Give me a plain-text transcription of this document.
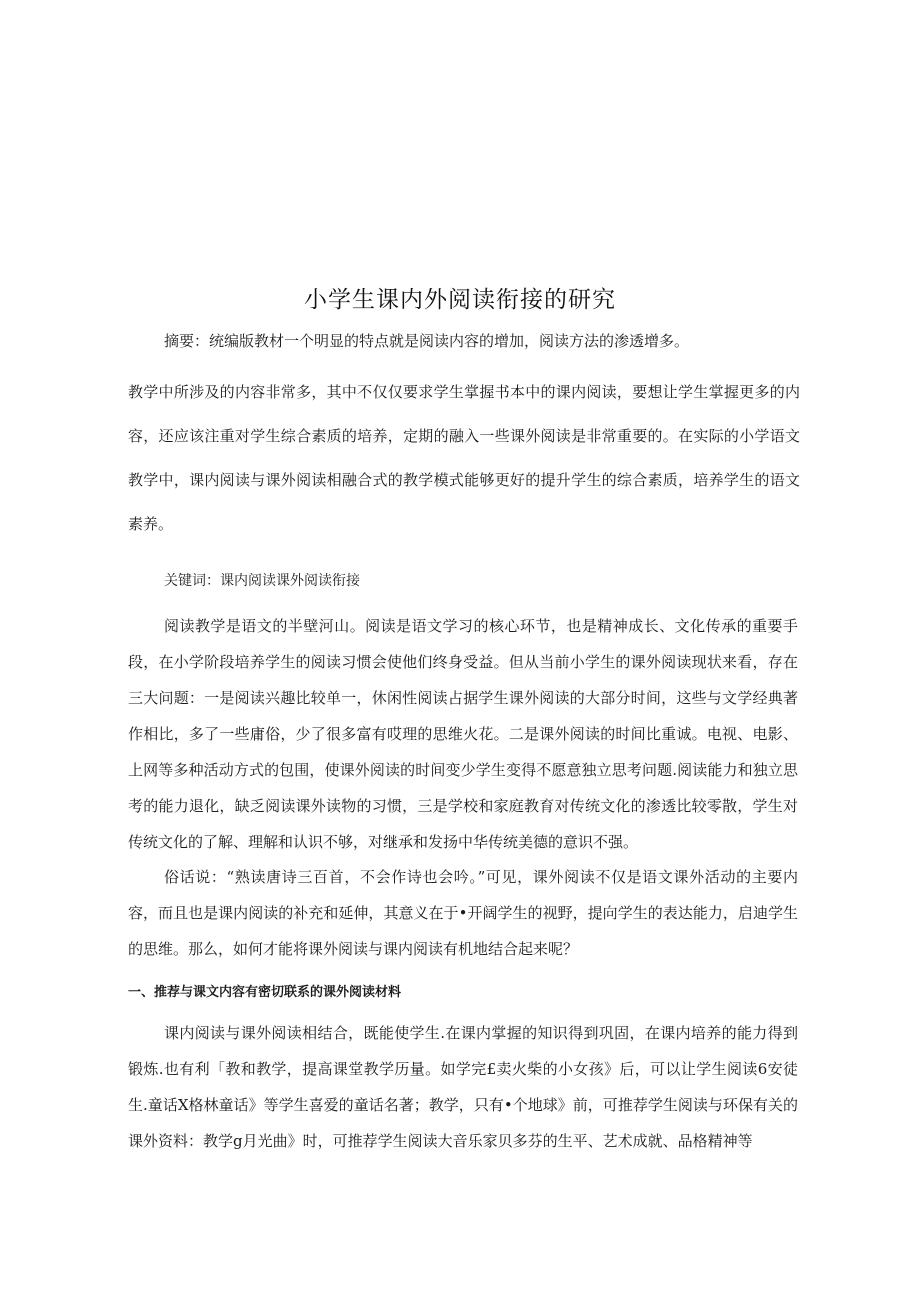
小学生课内外阅读衔接的研究

摘要：统编版教材一个明显的特点就是阅读内容的增加，阅读方法的渗透增多。

教学中所涉及的内容非常多，其中不仅仅要求学生掌握书本中的课内阅读，要想让学生掌握更多的内容，还应该注重对学生综合素质的培养，定期的融入一些课外阅读是非常重要的。在实际的小学语文教学中，课内阅读与课外阅读相融合式的教学模式能够更好的提升学生的综合素质，培养学生的语文素养。

关键词：课内阅读课外阅读衔接

阅读教学是语文的半壁河山。阅读是语文学习的核心环节，也是精神成长、文化传承的重要手段，在小学阶段培养学生的阅读习惯会使他们终身受益。但从当前小学生的课外阅读现状来看，存在三大问题：一是阅读兴趣比较单一，休闲性阅读占据学生课外阅读的大部分时间，这些与文学经典著作相比，多了一些庸俗，少了很多富有哎理的思维火花。二是课外阅读的时间比重诚。电视、电影、上网等多种活动方式的包围，使课外阅读的时间变少学生变得不愿意独立思考问题.阅读能力和独立思考的能力退化，缺乏阅读课外读物的习惯，三是学校和家庭教育对传统文化的渗透比较零散，学生对传统文化的了解、理解和认识不够，对继承和发扬中华传统美德的意识不强。

俗话说：“熟读唐诗三百首，不会作诗也会吟。”可见，课外阅读不仅是语文课外活动的主要内容，而且也是课内阅读的补充和延伸，其意义在于•开阔学生的视野，提向学生的表达能力，启迪学生的思维。那么，如何才能将课外阅读与课内阅读有机地结合起来呢？

一、推荐与课文内容有密切联系的课外阅读材料

课内阅读与课外阅读相结合，既能使学生.在课内掌握的知识得到巩固，在课内培养的能力得到锻炼.也有利「教和教学，提高课堂教学历量。如学完£卖火柴的小女孩》后，可以让学生阅读6安徒生.童话X格林童话》等学生喜爱的童话名著；教学，只有•个地球》前，可推荐学生阅读与环保有关的课外资料：教学g月光曲》时，可推荐学生阅读大音乐家贝多芬的生平、艺术成就、品格精神等
